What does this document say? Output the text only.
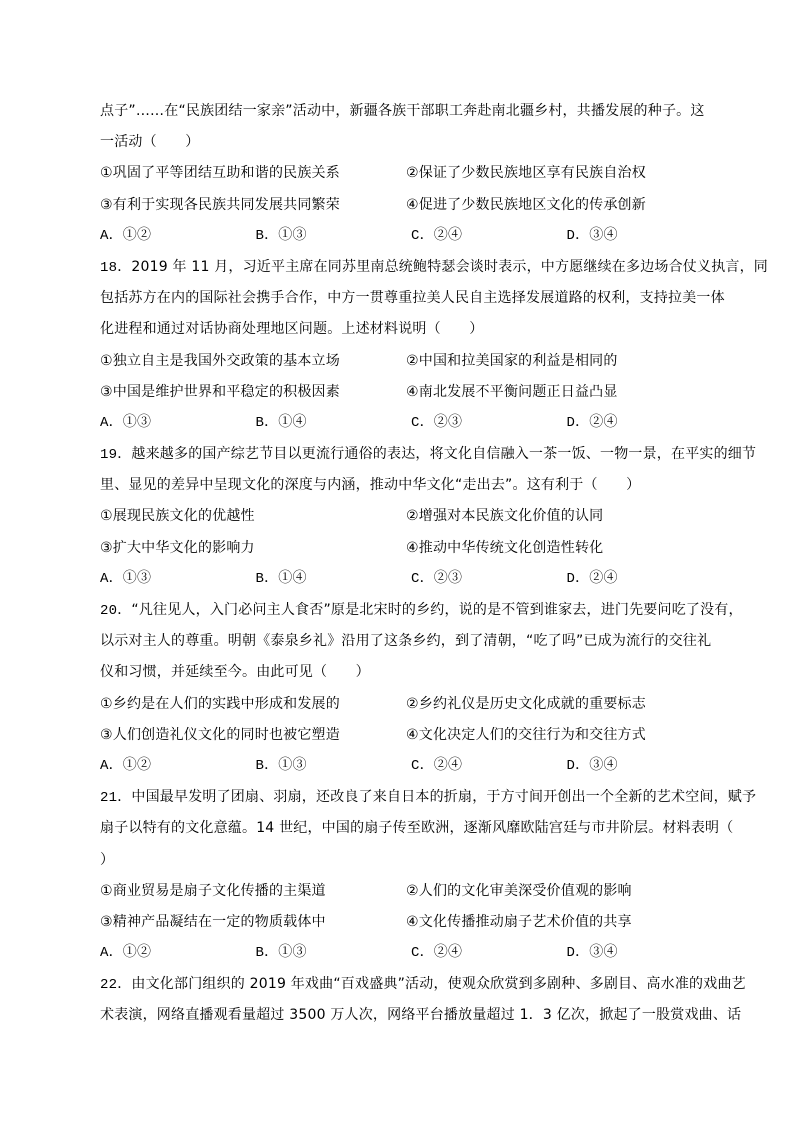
点子”……在“民族团结一家亲”活动中，新疆各族干部职工奔赴南北疆乡村，共播发展的种子。这
一活动（　　）
①巩固了平等团结互助和谐的民族关系	②保证了少数民族地区享有民族自治权
③有利于实现各民族共同发展共同繁荣	④促进了少数民族地区文化的传承创新
A．①②	B．①③	C．②④	D．③④
18．2019 年 11 月，习近平主席在同苏里南总统鲍特瑟会谈时表示，中方愿继续在多边场合仗义执言，同
包括苏方在内的国际社会携手合作，中方一贯尊重拉美人民自主选择发展道路的权利，支持拉美一体
化进程和通过对话协商处理地区问题。上述材料说明（　　）
①独立自主是我国外交政策的基本立场	②中国和拉美国家的利益是相同的
③中国是维护世界和平稳定的积极因素	④南北发展不平衡问题正日益凸显
A．①③	B．①④	C．②③	D．②④
19．越来越多的国产综艺节目以更流行通俗的表达，将文化自信融入一茶一饭、一物一景，在平实的细节
里、显见的差异中呈现文化的深度与内涵，推动中华文化“走出去”。这有利于（　　）
①展现民族文化的优越性	②增强对本民族文化价值的认同
③扩大中华文化的影响力	④推动中华传统文化创造性转化
A．①③	B．①④	C．②③	D．②④
20．“凡往见人，入门必问主人食否”原是北宋时的乡约，说的是不管到谁家去，进门先要问吃了没有，
以示对主人的尊重。明朝《泰泉乡礼》沿用了这条乡约，到了清朝，“吃了吗”已成为流行的交往礼
仪和习惯，并延续至今。由此可见（　　）
①乡约是在人们的实践中形成和发展的	②乡约礼仪是历史文化成就的重要标志
③人们创造礼仪文化的同时也被它塑造	④文化决定人们的交往行为和交往方式
A．①②	B．①③	C．②④	D．③④
21．中国最早发明了团扇、羽扇，还改良了来自日本的折扇，于方寸间开创出一个全新的艺术空间，赋予
扇子以特有的文化意蕴。14 世纪，中国的扇子传至欧洲，逐渐风靡欧陆宫廷与市井阶层。材料表明（
）
①商业贸易是扇子文化传播的主渠道	②人们的文化审美深受价值观的影响
③精神产品凝结在一定的物质载体中	④文化传播推动扇子艺术价值的共享
A．①②	B．①③	C．②④	D．③④
22．由文化部门组织的 2019 年戏曲“百戏盛典”活动，使观众欣赏到多剧种、多剧目、高水准的戏曲艺
术表演，网络直播观看量超过 3500 万人次，网络平台播放量超过 1．3 亿次，掀起了一股赏戏曲、话
